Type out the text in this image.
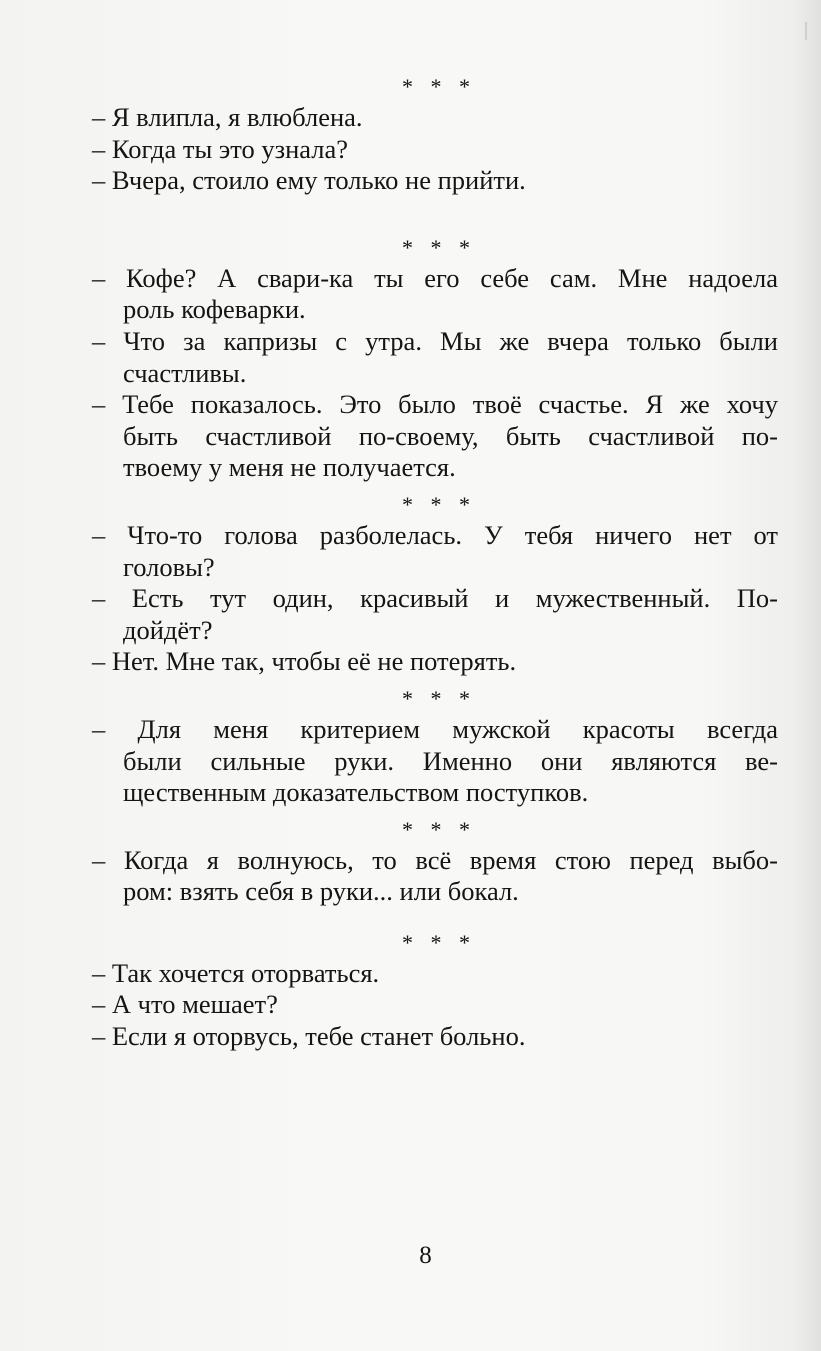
* * *
– Я влипла, я влюблена.
– Когда ты это узнала?
– Вчера, стоило ему только не прийти.
* * *
– Кофе? А свари-ка ты его себе сам. Мне надоела
роль кофеварки.
– Что за капризы с утра. Мы же вчера только были
счастливы.
– Тебе показалось. Это было твоё счастье. Я же хочу
быть счастливой по-своему, быть счастливой по-
твоему у меня не получается.
* * *
– Что-то голова разболелась. У тебя ничего нет от
головы?
– Есть тут один, красивый и мужественный. По-
дойдёт?
– Нет. Мне так, чтобы её не потерять.
* * *
– Для меня критерием мужской красоты всегда
были сильные руки. Именно они являются ве-
щественным доказательством поступков.
* * *
– Когда я волнуюсь, то всё время стою перед выбо-
ром: взять себя в руки... или бокал.
* * *
– Так хочется оторваться.
– А что мешает?
– Если я оторвусь, тебе станет больно.
8
